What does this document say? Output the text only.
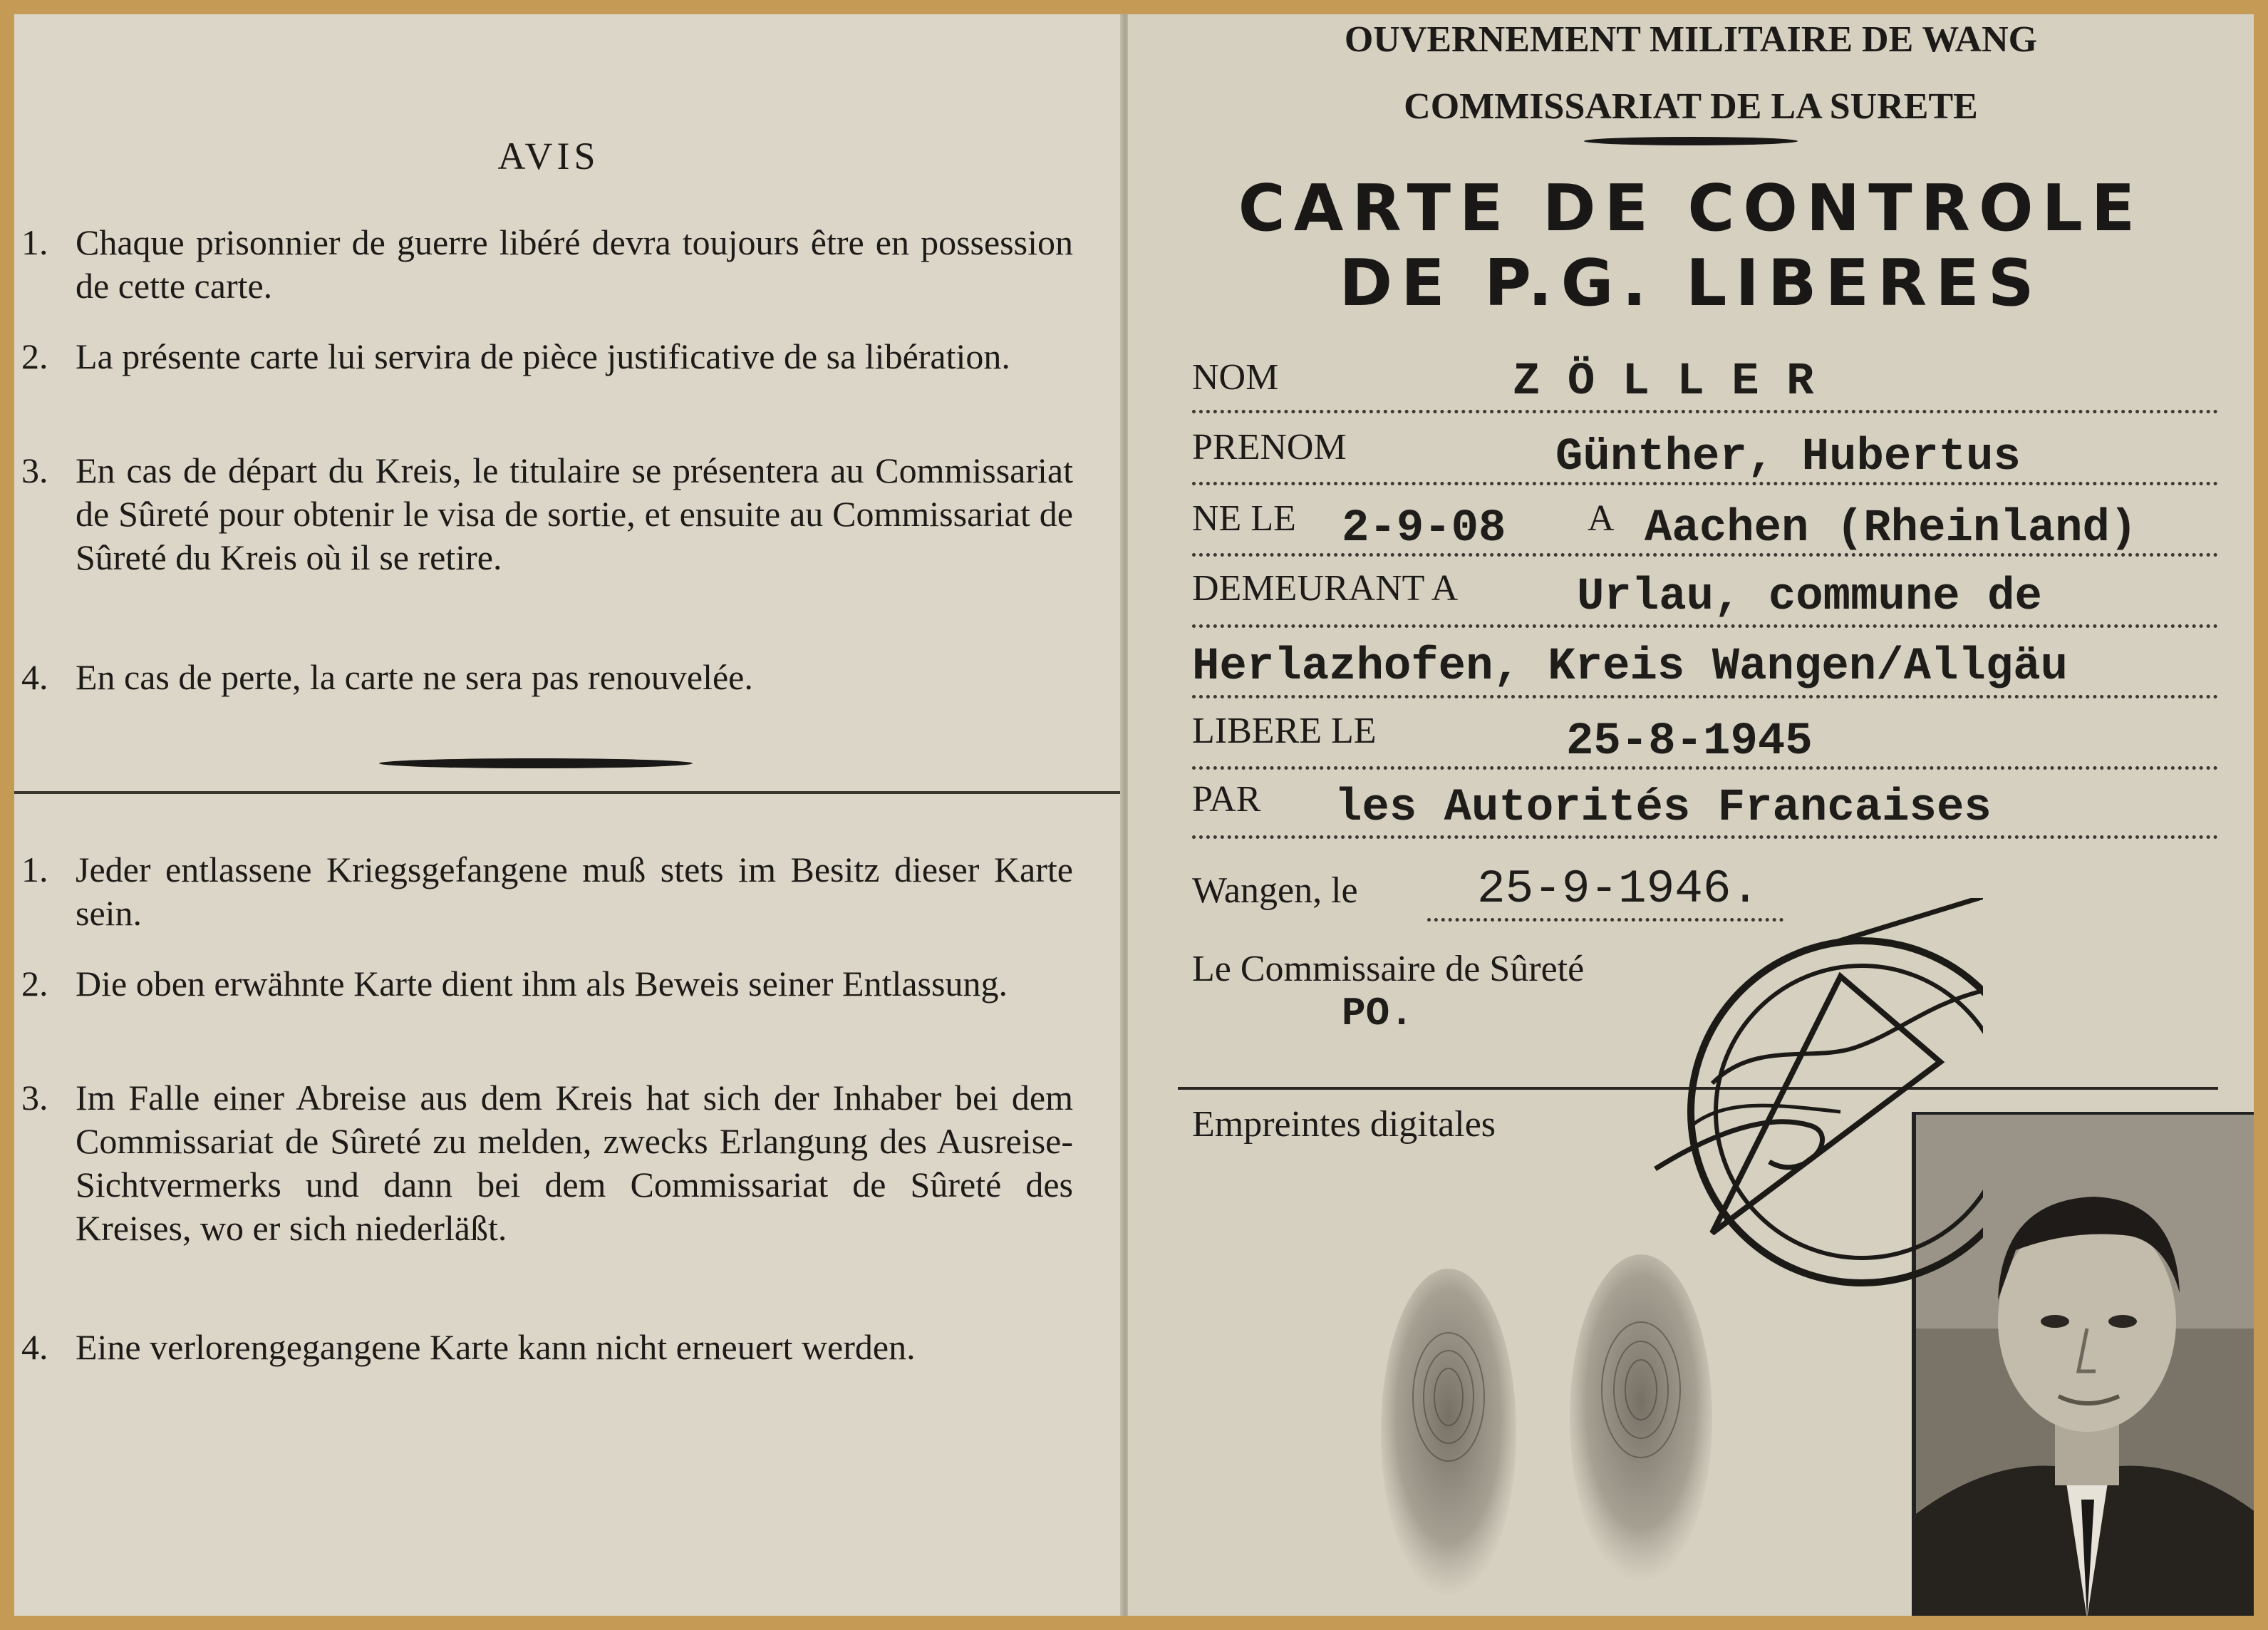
AVIS
1. Chaque prisonnier de guerre libéré devra toujours être en possession de cette carte.
2. La présente carte lui servira de pièce justificative de sa libération.
3. En cas de départ du Kreis, le titulaire se présentera au Commissariat de Sûreté pour obtenir le visa de sortie, et ensuite au Commissariat de Sûreté du Kreis où il se retire.
4. En cas de perte, la carte ne sera pas renouvelée.
1. Jeder entlassene Kriegsgefangene muß stets im Besitz dieser Karte sein.
2. Die oben erwähnte Karte dient ihm als Beweis seiner Entlassung.
3. Im Falle einer Abreise aus dem Kreis hat sich der Inhaber bei dem Commissariat de Sûreté zu melden, zwecks Erlangung des Ausreise-Sichtvermerks und dann bei dem Commissariat de Sûreté des Kreises, wo er sich niederläßt.
4. Eine verlorengegangene Karte kann nicht erneuert werden.
OUVERNEMENT MILITAIRE DE WANG
COMMISSARIAT DE LA SURETE
CARTE DE CONTROLE
DE P.G. LIBERES
NOM	Z Ö L L E R
PRENOM	Günther, Hubertus
NE LE 2-9-08 A Aachen (Rheinland)
DEMEURANT A	Urlau, commune de
Herlazhofen, Kreis Wangen/Allgäu
LIBERE LE	25-8-1945
PAR les Autorités Francaises
Wangen, le	25-9-1946.
Le Commissaire de Sûreté
PO.
Empreintes digitales
